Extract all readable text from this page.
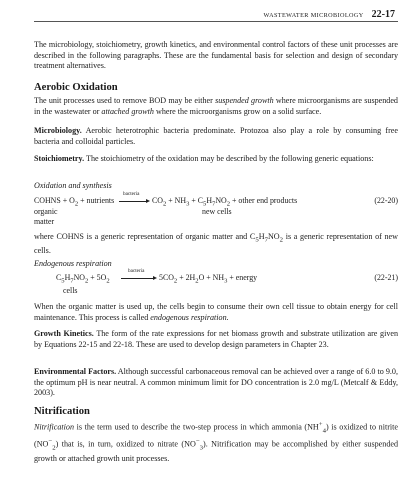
WASTEWATER MICROBIOLOGY 22-17
The microbiology, stoichiometry, growth kinetics, and environmental control factors of these unit processes are described in the following paragraphs. These are the fundamental basis for selection and design of secondary treatment alternatives.
Aerobic Oxidation
The unit processes used to remove BOD may be either suspended growth where microorganisms are suspended in the wastewater or attached growth where the microorganisms grow on a solid surface.
Microbiology. Aerobic heterotrophic bacteria predominate. Protozoa also play a role by consuming free bacteria and colloidal particles.
Stoichiometry. The stoichiometry of the oxidation may be described by the following generic equations:
Oxidation and synthesis
COHNS + $O_2$ + nutrients
bacteria
$CO_2 + NH_3 + C_5H_7NO_2$ + other end products	(22-20)
organic
matter
new cells
where COHNS is a generic representation of organic matter and $C_5H_7NO_2$ is a generic representation of new cells.
Endogenous respiration
$C_5H_7NO_2 + 5O_2$
bacteria
$5CO_2 + 2H_2O + NH_3$ + energy	(22-21)
cells
When the organic matter is used up, the cells begin to consume their own cell tissue to obtain energy for cell maintenance. This process is called endogenous respiration.
Growth Kinetics. The form of the rate expressions for net biomass growth and substrate utilization are given by Equations 22-15 and 22-18. These are used to develop design parameters in Chapter 23.
Environmental Factors. Although successful carbonaceous removal can be achieved over a range of 6.0 to 9.0, the optimum pH is near neutral. A common minimum limit for DO concentration is 2.0 mg/L (Metcalf & Eddy, 2003).
Nitrification
Nitrification is the term used to describe the two-step process in which ammonia $(NH^+_4)$ is oxidized to nitrite $(NO^-_2)$ that is, in turn, oxidized to nitrate $(NO^-_3)$. Nitrification may be accomplished by either suspended growth or attached growth unit processes.
